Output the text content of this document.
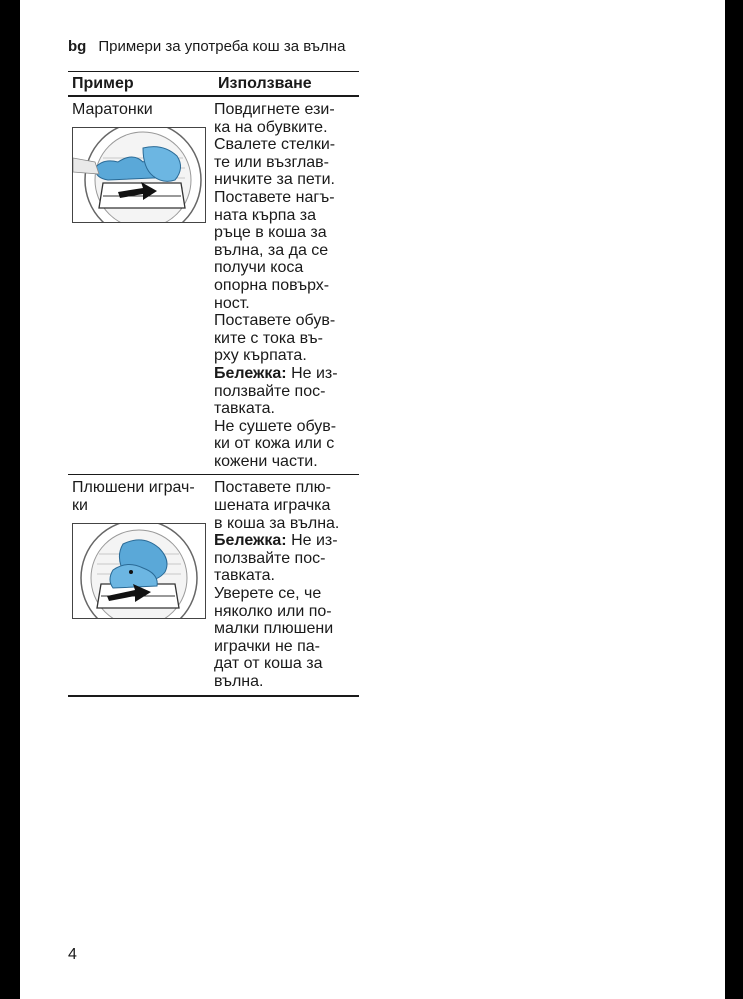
bg Примери за употреба кош за вълна
Пример	Използване
Маратонки	Повдигнете ези-
ка на обувките.

Свалете стелки-
те или възглав-
ничките за пети.

Поставете нагъ-
ната кърпа за
ръце в коша за
вълна, за да се
получи коса
опорна повърх-
ност.

Поставете обув-
ките с тока въ-
рху кърпата.

Бележка: Не из-
ползвайте пос-
тавката.

Не сушете обув-
ки от кожа или с
кожени части.

Плюшени играч-
ки

Поставете плю-
шената играчка
в коша за вълна.

Бележка: Не из-
ползвайте пос-
тавката.

Уверете се, че
няколко или по-
малки плюшени
играчки не па-
дат от коша за
вълна.

4
